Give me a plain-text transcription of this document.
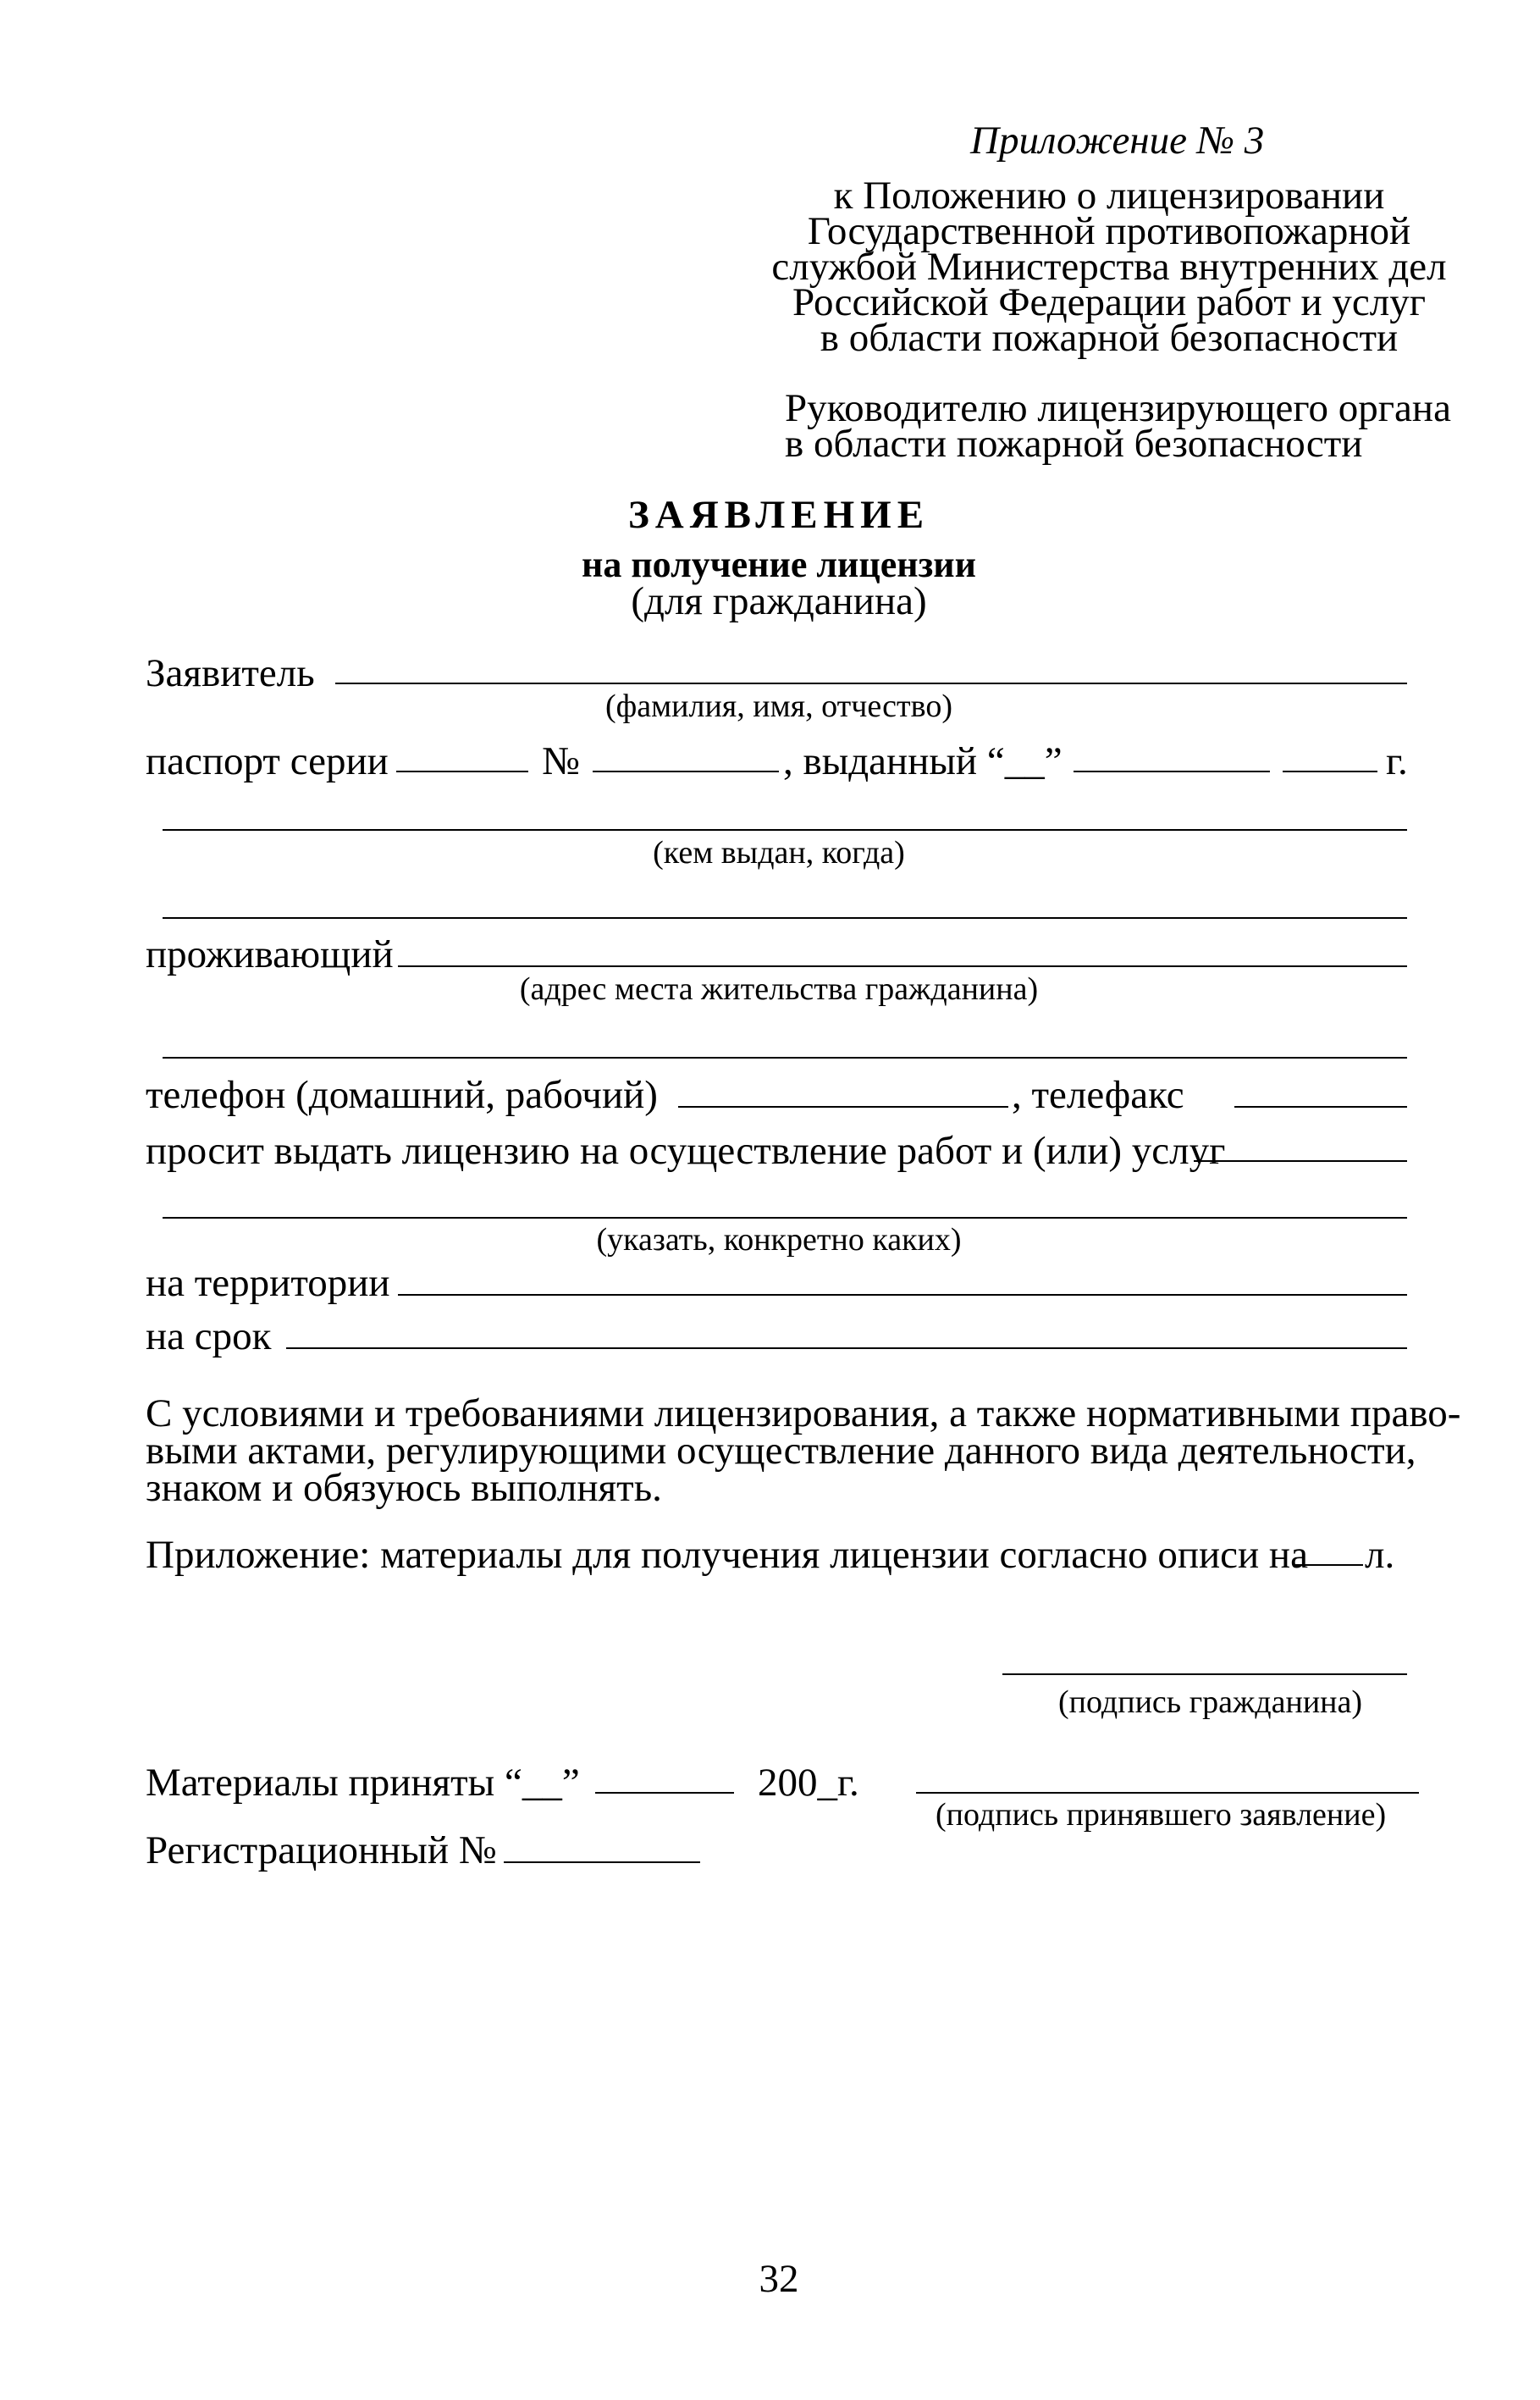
Приложение № 3
к Положению о лицензировании
Государственной противопожарной
службой Министерства внутренних дел
Российской Федерации работ и услуг
в области пожарной безопасности
Руководителю лицензирующего органа
в области пожарной безопасности
ЗАЯВЛЕНИЕ
на получение лицензии
(для гражданина)
Заявитель
(фамилия, имя, отчество)
паспорт серии	№	, выданный “__”	г.
(кем выдан, когда)
проживающий
(адрес места жительства гражданина)
телефон (домашний, рабочий)	, телефакс
просит выдать лицензию на осуществление работ и (или) услуг
(указать, конкретно каких)
на территории
на срок
С условиями и требованиями лицензирования, а также нормативными право-
выми актами, регулирующими осуществление данного вида деятельности,
знаком и обязуюсь выполнять.
Приложение: материалы для получения лицензии согласно описи на л.
(подпись гражданина)
Материалы приняты “__”	200_г.
(подпись принявшего заявление)
Регистрационный №
32
